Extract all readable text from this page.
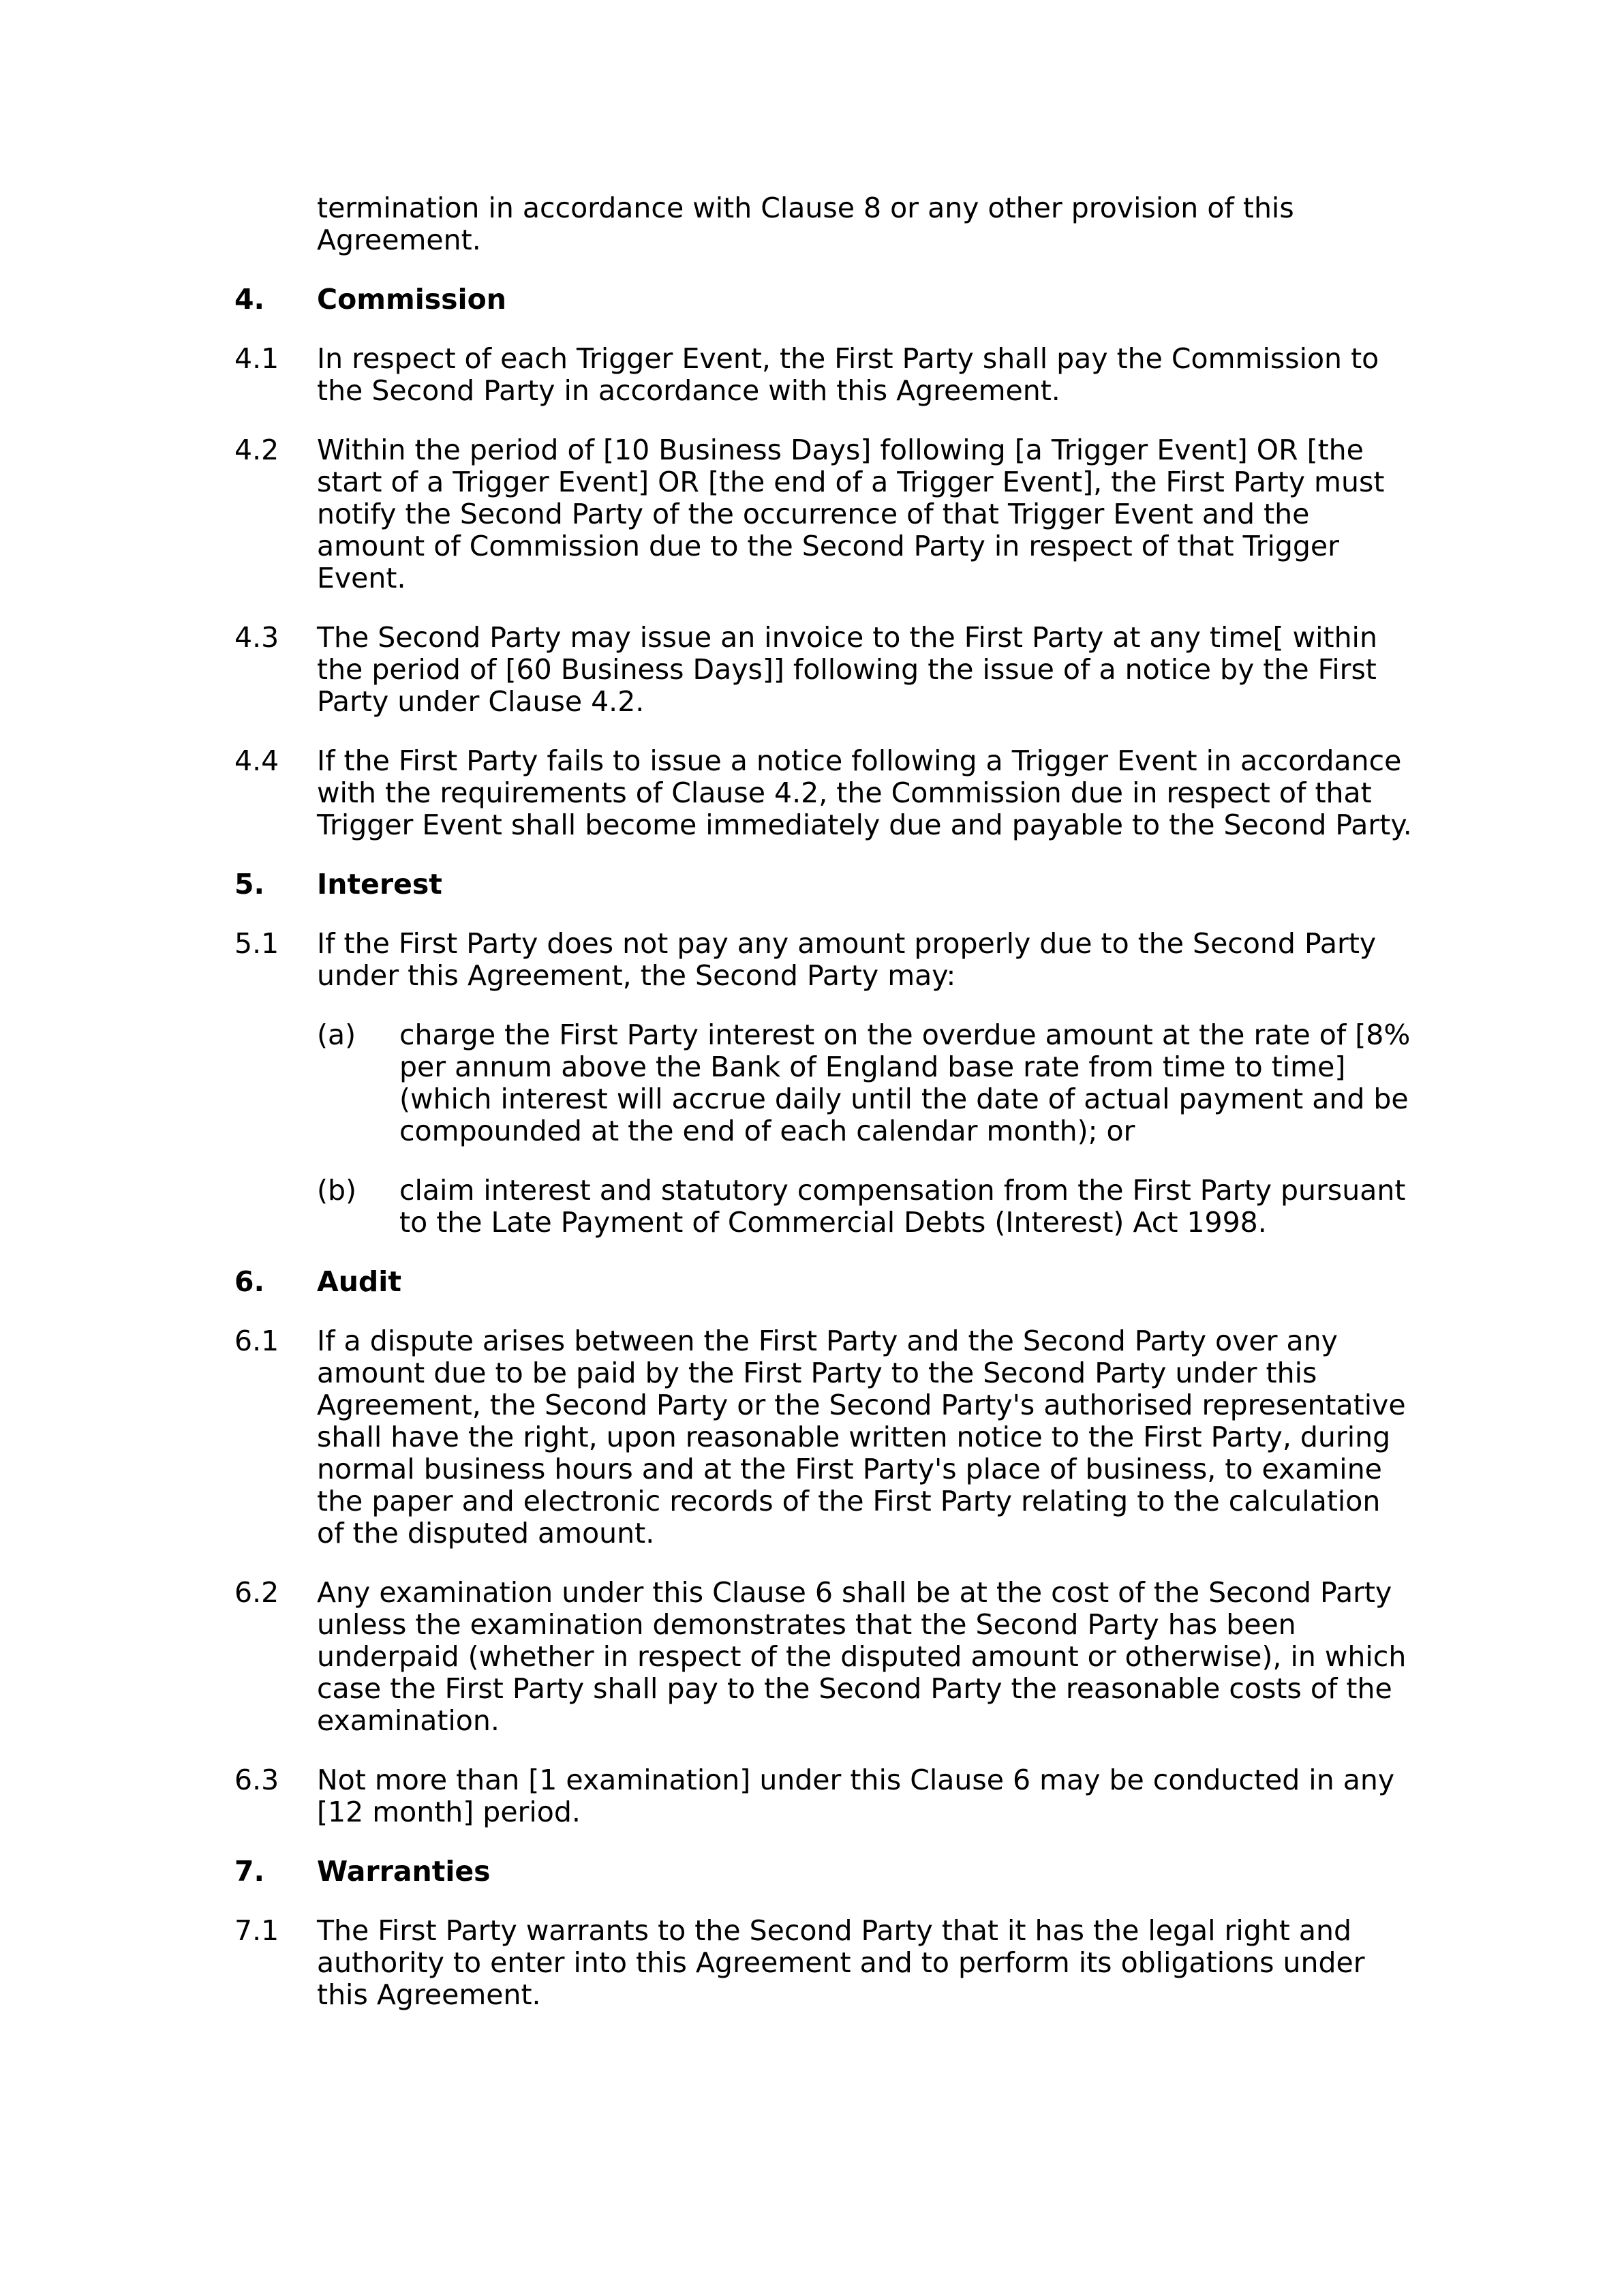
termination in accordance with Clause 8 or any other provision of this Agreement.
4. Commission
4.1 In respect of each Trigger Event, the First Party shall pay the Commission to the Second Party in accordance with this Agreement.
4.2 Within the period of [10 Business Days] following [a Trigger Event] OR [the start of a Trigger Event] OR [the end of a Trigger Event], the First Party must notify the Second Party of the occurrence of that Trigger Event and the amount of Commission due to the Second Party in respect of that Trigger Event.
4.3 The Second Party may issue an invoice to the First Party at any time[ within the period of [60 Business Days]] following the issue of a notice by the First Party under Clause 4.2.
4.4 If the First Party fails to issue a notice following a Trigger Event in accordance with the requirements of Clause 4.2, the Commission due in respect of that Trigger Event shall become immediately due and payable to the Second Party.
5. Interest
5.1 If the First Party does not pay any amount properly due to the Second Party under this Agreement, the Second Party may:
(a) charge the First Party interest on the overdue amount at the rate of [8% per annum above the Bank of England base rate from time to time] (which interest will accrue daily until the date of actual payment and be compounded at the end of each calendar month); or
(b) claim interest and statutory compensation from the First Party pursuant to the Late Payment of Commercial Debts (Interest) Act 1998.
6. Audit
6.1 If a dispute arises between the First Party and the Second Party over any amount due to be paid by the First Party to the Second Party under this Agreement, the Second Party or the Second Party's authorised representative shall have the right, upon reasonable written notice to the First Party, during normal business hours and at the First Party's place of business, to examine the paper and electronic records of the First Party relating to the calculation of the disputed amount.
6.2 Any examination under this Clause 6 shall be at the cost of the Second Party unless the examination demonstrates that the Second Party has been underpaid (whether in respect of the disputed amount or otherwise), in which case the First Party shall pay to the Second Party the reasonable costs of the examination.
6.3 Not more than [1 examination] under this Clause 6 may be conducted in any [12 month] period.
7. Warranties
7.1 The First Party warrants to the Second Party that it has the legal right and authority to enter into this Agreement and to perform its obligations under this Agreement.
